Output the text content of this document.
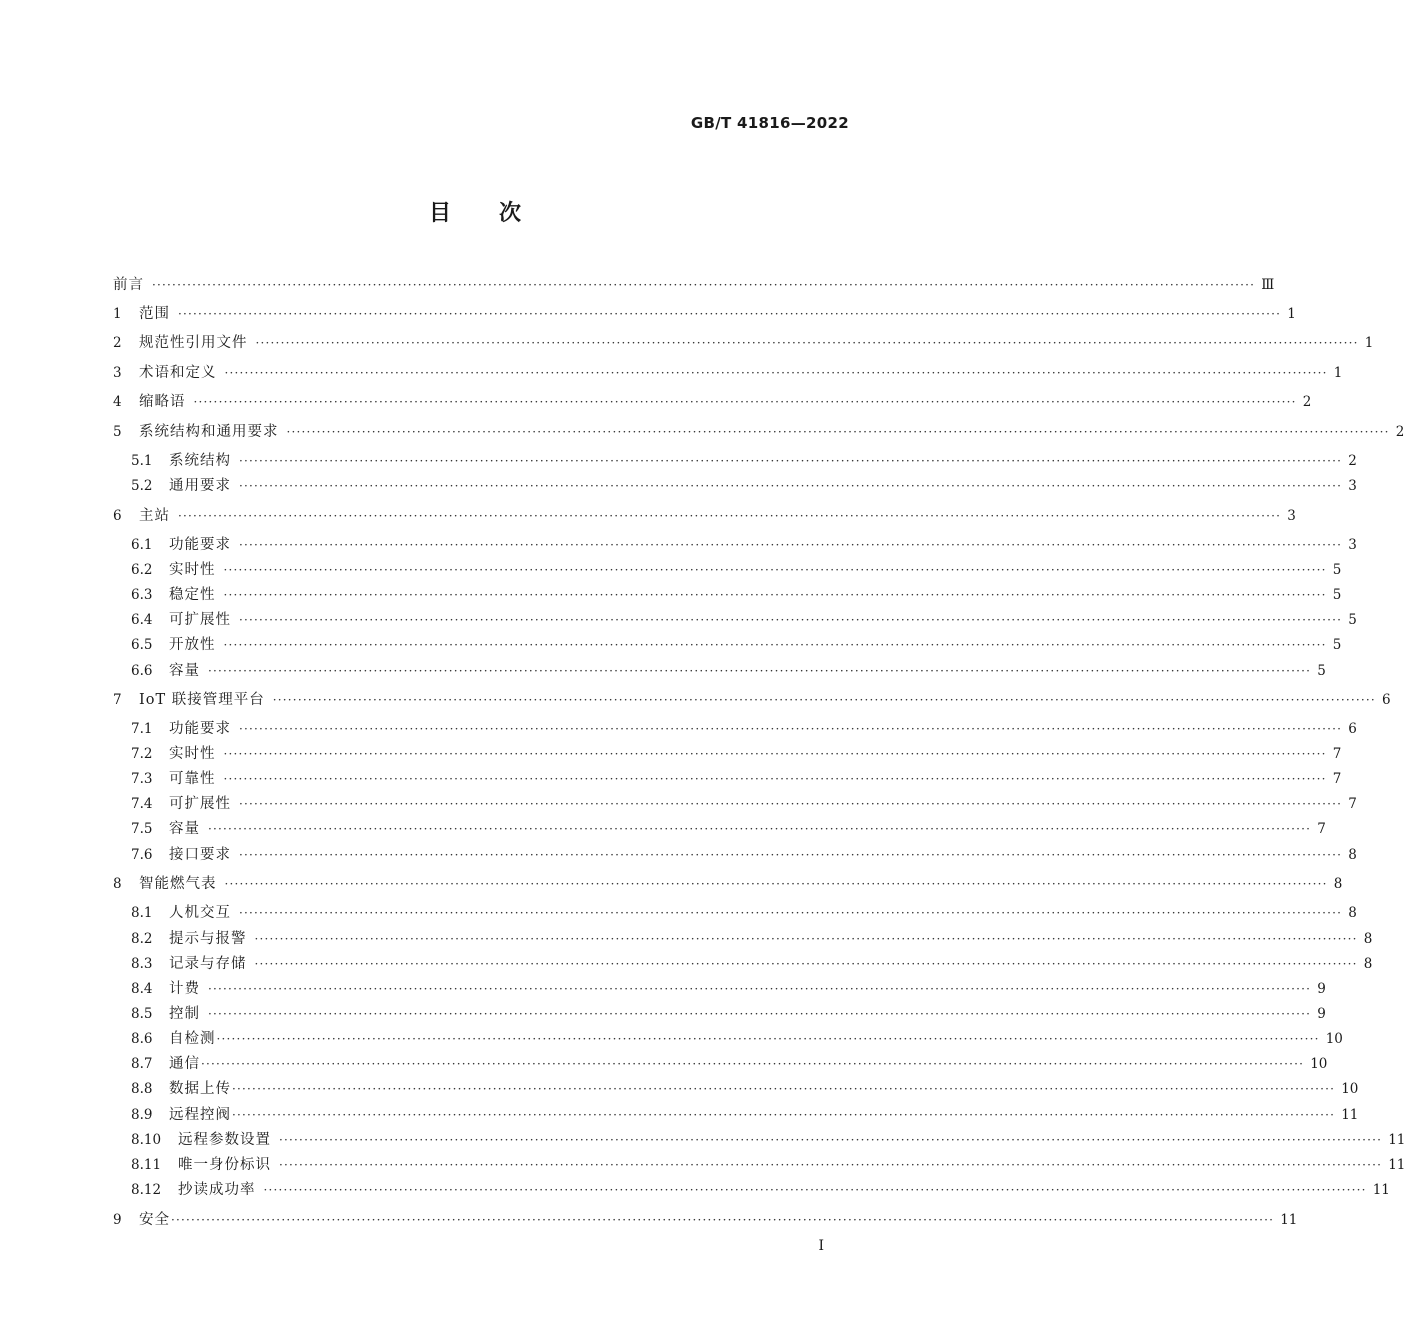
GB/T 41816—2022
目次
前言 ···························································································································································································································· Ⅲ
1	范围 ···························································································································································································································· 1
2	规范性引用文件 ···························································································································································································································· 1
3	术语和定义 ···························································································································································································································· 1
4	缩略语 ···························································································································································································································· 2
5	系统结构和通用要求 ···························································································································································································································· 2
5.1	系统结构 ···························································································································································································································· 2
5.2	通用要求 ···························································································································································································································· 3
6	主站 ···························································································································································································································· 3
6.1	功能要求 ···························································································································································································································· 3
6.2	实时性 ···························································································································································································································· 5
6.3	稳定性 ···························································································································································································································· 5
6.4	可扩展性 ···························································································································································································································· 5
6.5	开放性 ···························································································································································································································· 5
6.6	容量 ···························································································································································································································· 5
7	IoT 联接管理平台 ···························································································································································································································· 6
7.1	功能要求 ···························································································································································································································· 6
7.2	实时性 ···························································································································································································································· 7
7.3	可靠性 ···························································································································································································································· 7
7.4	可扩展性 ···························································································································································································································· 7
7.5	容量 ···························································································································································································································· 7
7.6	接口要求 ···························································································································································································································· 8
8	智能燃气表 ···························································································································································································································· 8
8.1	人机交互 ···························································································································································································································· 8
8.2	提示与报警 ···························································································································································································································· 8
8.3	记录与存储 ···························································································································································································································· 8
8.4	计费 ···························································································································································································································· 9
8.5	控制 ···························································································································································································································· 9
8.6	自检测 ···························································································································································································································· 10
8.7	通信 ···························································································································································································································· 10
8.8	数据上传 ···························································································································································································································· 10
8.9	远程控阀 ···························································································································································································································· 11
8.10	远程参数设置 ···························································································································································································································· 11
8.11	唯一身份标识 ···························································································································································································································· 11
8.12	抄读成功率 ···························································································································································································································· 11
9	安全 ···························································································································································································································· 11
I
